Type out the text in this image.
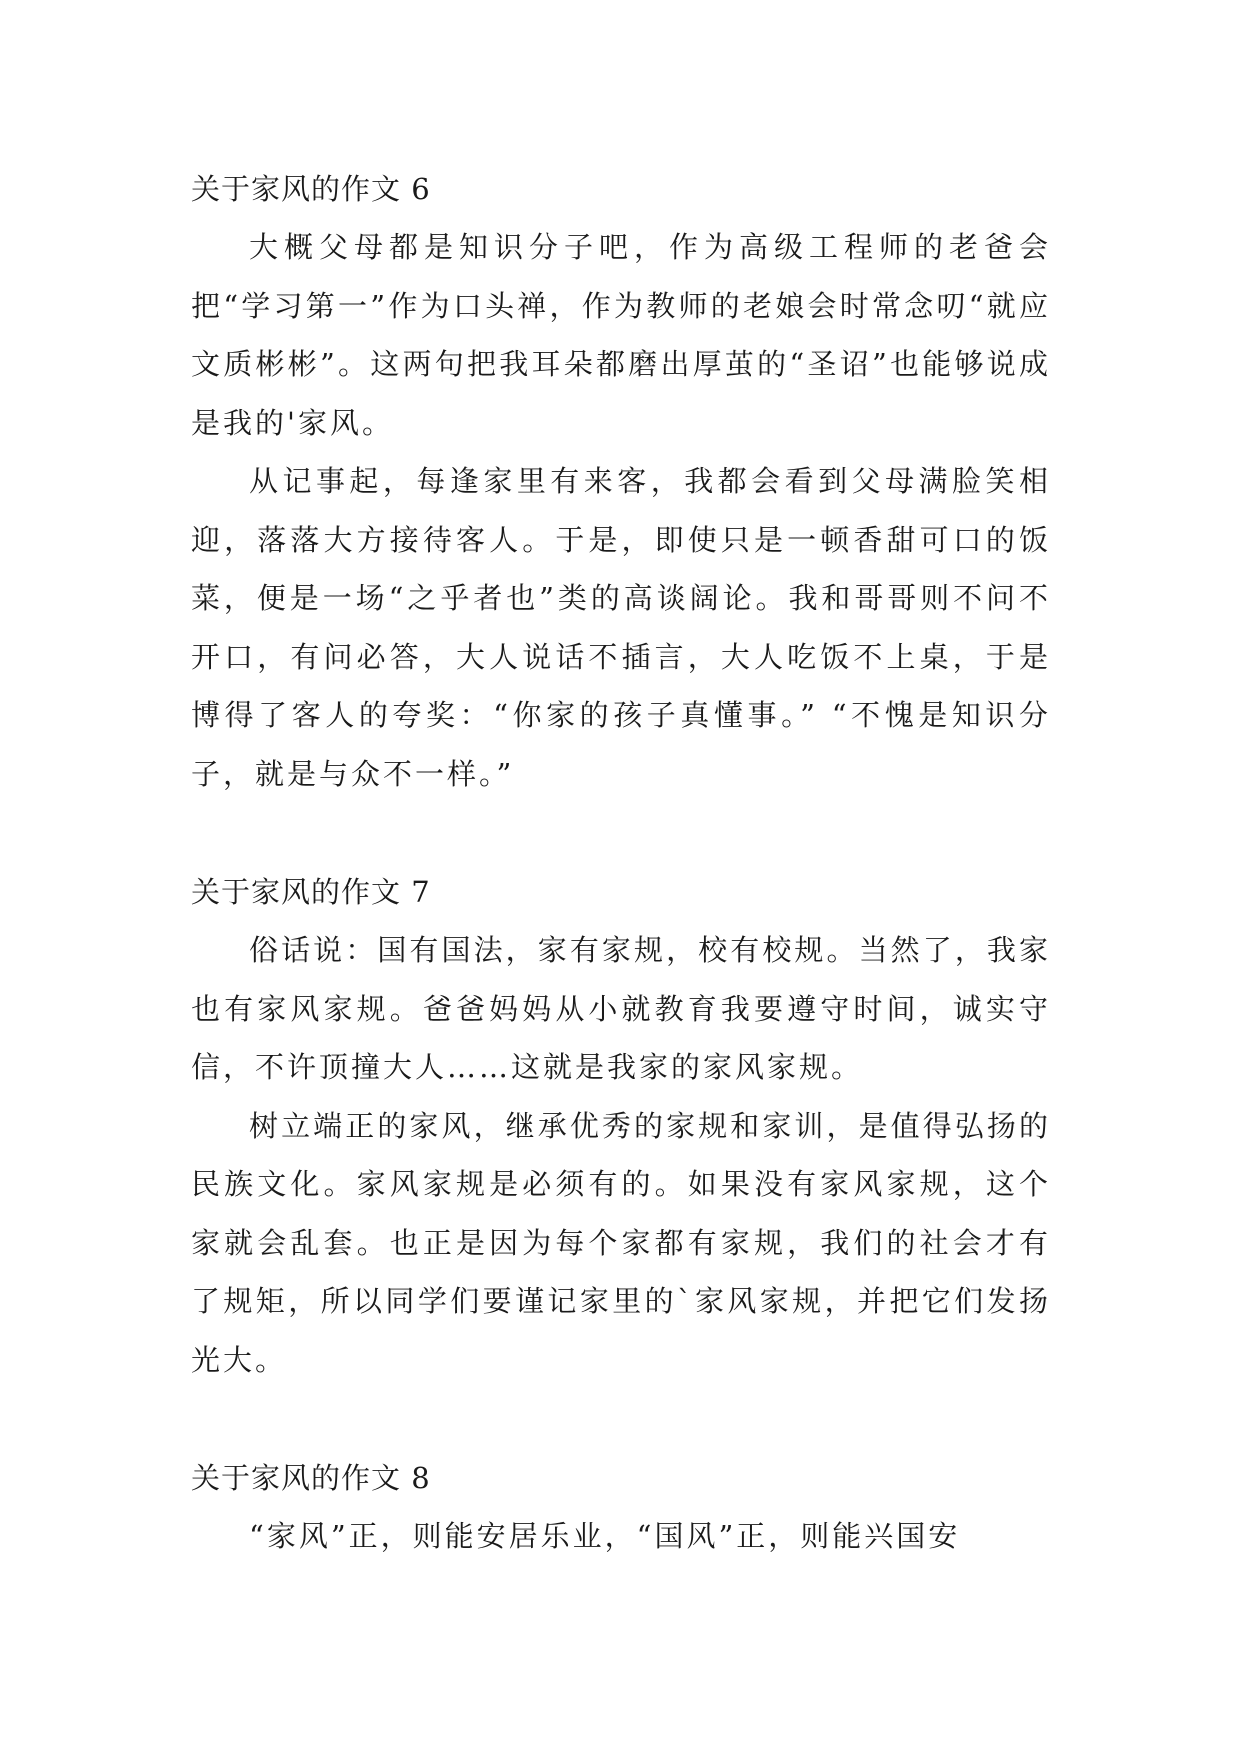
关于家风的作文 6

大概父母都是知识分子吧，作为高级工程师的老爸会把“学习第一”作为口头禅，作为教师的老娘会时常念叨“就应文质彬彬”。这两句把我耳朵都磨出厚茧的“圣诏”也能够说成是我的'家风。

从记事起，每逢家里有来客，我都会看到父母满脸笑相迎，落落大方接待客人。于是，即使只是一顿香甜可口的饭菜，便是一场“之乎者也”类的高谈阔论。我和哥哥则不问不开口，有问必答，大人说话不插言，大人吃饭不上桌，于是博得了客人的夸奖：“你家的孩子真懂事。” “不愧是知识分子，就是与众不一样。”

关于家风的作文 7

俗话说：国有国法，家有家规，校有校规。当然了，我家也有家风家规。爸爸妈妈从小就教育我要遵守时间，诚实守信，不许顶撞大人……这就是我家的家风家规。

树立端正的家风，继承优秀的家规和家训，是值得弘扬的民族文化。家风家规是必须有的。如果没有家风家规，这个家就会乱套。也正是因为每个家都有家规，我们的社会才有了规矩，所以同学们要谨记家里的`家风家规，并把它们发扬光大。

关于家风的作文 8

“家风”正，则能安居乐业，“国风”正，则能兴国安
